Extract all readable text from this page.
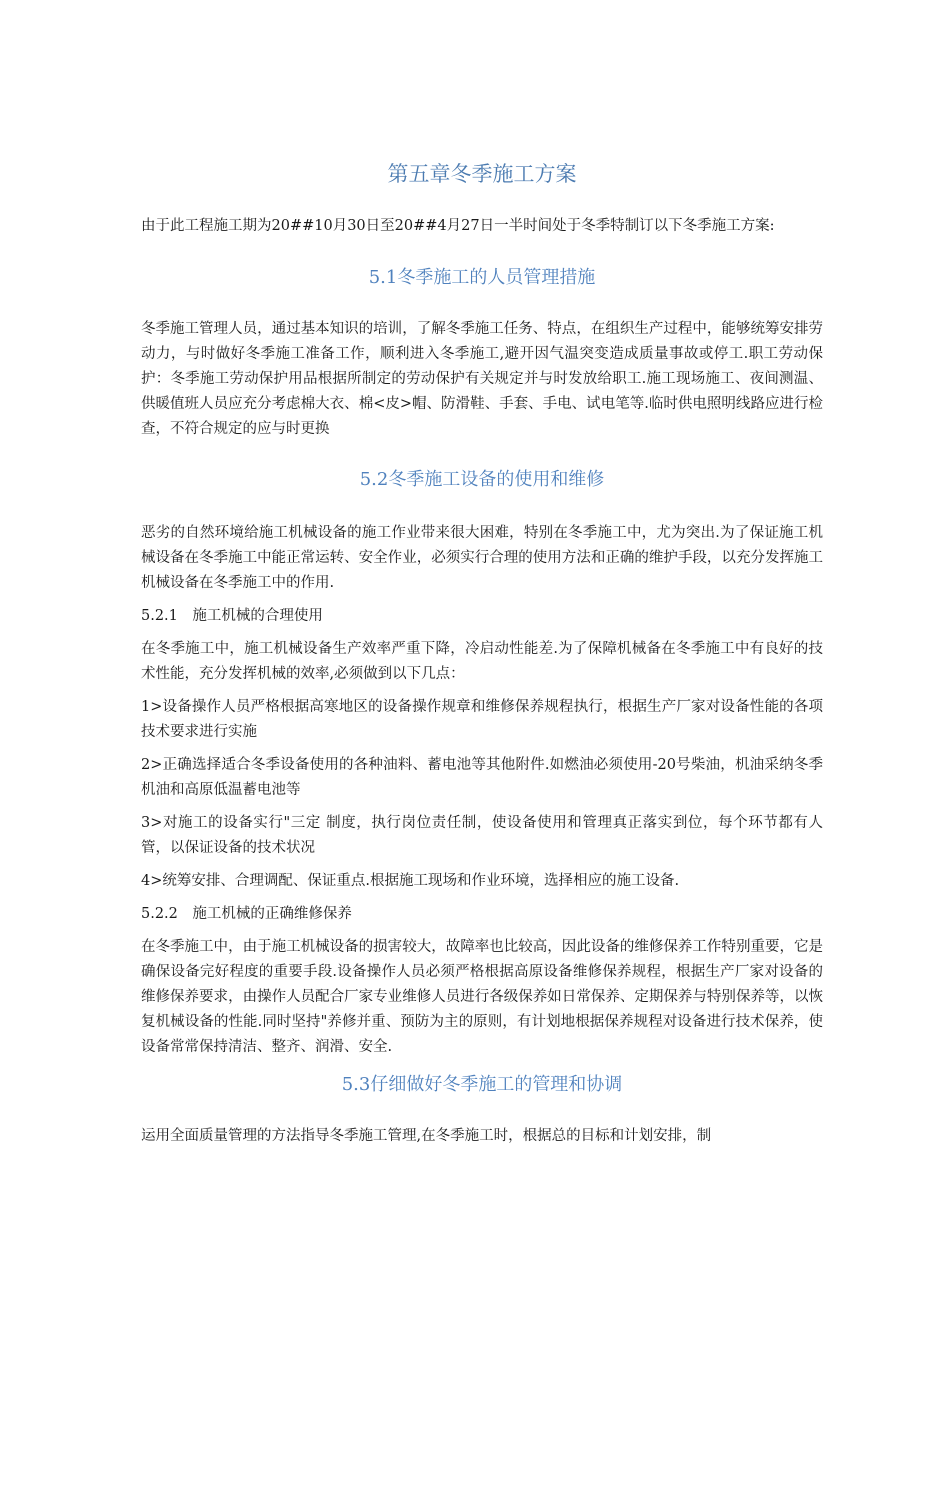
第五章冬季施工方案

由于此工程施工期为20##10月30日至20##4月27日一半时间处于冬季特制订以下冬季施工方案:

5.1冬季施工的人员管理措施

冬季施工管理人员，通过基本知识的培训，了解冬季施工任务、特点，在组织生产过程中，能够统筹安排劳动力，与时做好冬季施工准备工作，顺利进入冬季施工,避开因气温突变造成质量事故或停工.职工劳动保护：冬季施工劳动保护用品根据所制定的劳动保护有关规定并与时发放给职工.施工现场施工、夜间测温、供暖值班人员应充分考虑棉大衣、棉<皮>帽、防滑鞋、手套、手电、试电笔等.临时供电照明线路应进行检查，不符合规定的应与时更换

5.2冬季施工设备的使用和维修

恶劣的自然环境给施工机械设备的施工作业带来很大困难，特别在冬季施工中，尤为突出.为了保证施工机械设备在冬季施工中能正常运转、安全作业，必须实行合理的使用方法和正确的维护手段，以充分发挥施工机械设备在冬季施工中的作用.

5.2.1　施工机械的合理使用

在冬季施工中，施工机械设备生产效率严重下降，冷启动性能差.为了保障机械备在冬季施工中有良好的技术性能，充分发挥机械的效率,必须做到以下几点：

1>设备操作人员严格根据高寒地区的设备操作规章和维修保养规程执行，根据生产厂家对设备性能的各项技术要求进行实施

2>正确选择适合冬季设备使用的各种油料、蓄电池等其他附件.如燃油必须使用-20号柴油，机油采纳冬季机油和高原低温蓄电池等

3>对施工的设备实行"三定 制度，执行岗位责任制，使设备使用和管理真正落实到位，每个环节都有人管，以保证设备的技术状况

4>统筹安排、合理调配、保证重点.根据施工现场和作业环境，选择相应的施工设备.

5.2.2　施工机械的正确维修保养

在冬季施工中，由于施工机械设备的损害较大，故障率也比较高，因此设备的维修保养工作特别重要，它是确保设备完好程度的重要手段.设备操作人员必须严格根据高原设备维修保养规程，根据生产厂家对设备的维修保养要求，由操作人员配合厂家专业维修人员进行各级保养如日常保养、定期保养与特别保养等，以恢复机械设备的性能.同时坚持"养修并重、预防为主的原则，有计划地根据保养规程对设备进行技术保养，使设备常常保持清洁、整齐、润滑、安全.

5.3仔细做好冬季施工的管理和协调

运用全面质量管理的方法指导冬季施工管理,在冬季施工时，根据总的目标和计划安排，制
